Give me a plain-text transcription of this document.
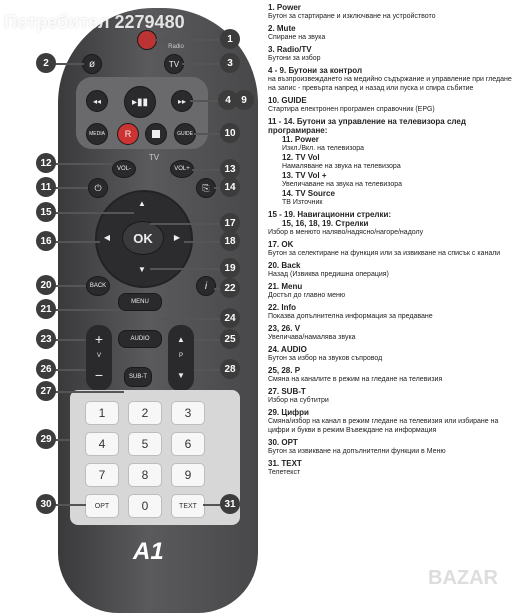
Radio
ø	TV
◂◂	▸▮▮	▸▸
MEDIA	R	GUIDE
TV
VOL-	VOL+
⏻	⎘
▲
◀	▶
▼
OK
BACK	i
MENU
+
V
−
▲
P
▼
AUDIO
SUB-T
1	2	3
4	5	6
7	8	9
OPT	0	TEXT
A1
1
2	3
4	9
10
11
12
13
14
15
16
17
18
19
20
21
22
23
24
25
26
27
28
29
30	31
1. Power
Бутон за стартиране и изключване на устройството
2. Mute
Спиране на звука
3. Radio/TV
Бутони за избор
4 - 9. Бутони за контрол
на възпроизвеждането на медийно съдържание и управление при гледане на запис - превърта напред и назад или пуска и спира събитие
10. GUIDE
Стартира електронен програмен справочник (EPG)
11 - 14. Бутони за управление на телевизора след програмиране:
11. Power
Изкл./Вкл. на телевизора
12. TV Vol
Намаляване на звука на телевизора
13. TV Vol +
Увеличаване на звука на телевизора
14. TV Source
ТВ Източник
15 - 19. Навигационни стрелки:
15, 16, 18, 19. Стрелки
Избор в менюто наляво/надясно/нагоре/надолу
17. OK
Бутон за селектиране на функция или за извикване на списък с канали
20. Back
Назад (Извиква предишна операция)
21. Menu
Достъп до главно меню
22. Info
Показва допълнителна информация за предаване
23, 26. V
Увеличава/намалява звука
24. AUDIO
Бутон за избор на звуков съпровод
25, 28. P
Смяна на каналите в режим на гледане на телевизия
27. SUB-T
Избор на субтитри
29. Цифри
Смяна/избор на канал в режим гледане на телевизия или избиране на цифри и букви в режим Въвеждане на информация
30. OPT
Бутон за извикване на допълнителни функции в Меню
31. TEXT
Телетекст
Потребител 2279480
BAZAR
